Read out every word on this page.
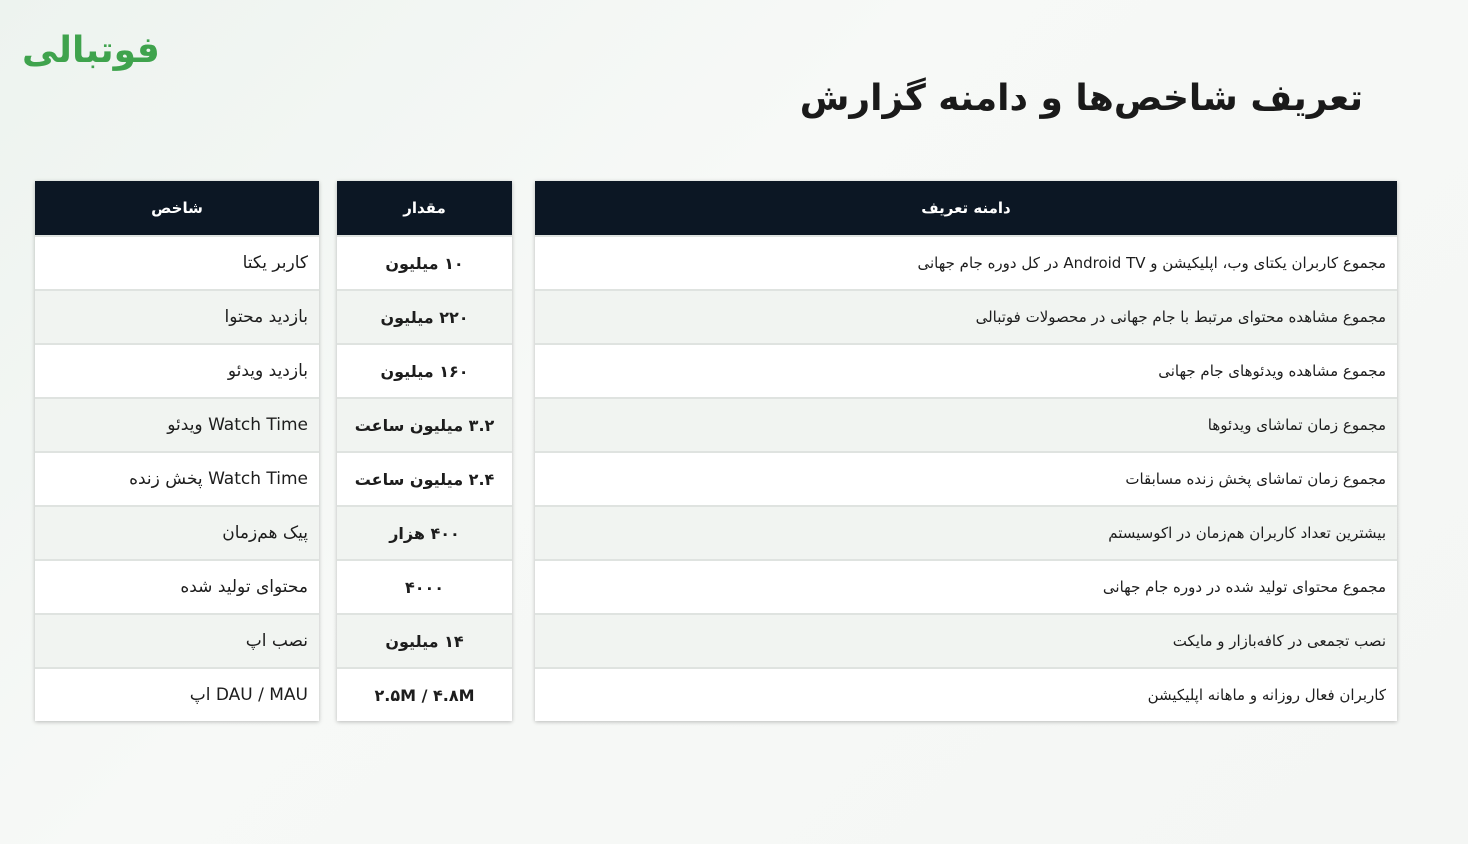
فوتبالی
تعریف شاخص‌ها و دامنه گزارش
دامنه تعریف
مجموع کاربران یکتای وب، اپلیکیشن و Android TV در کل دوره جام جهانی
مجموع مشاهده محتوای مرتبط با جام جهانی در محصولات فوتبالی
مجموع مشاهده ویدئوهای جام جهانی
مجموع زمان تماشای ویدئوها
مجموع زمان تماشای پخش زنده مسابقات
بیشترین تعداد کاربران هم‌زمان در اکوسیستم
مجموع محتوای تولید شده در دوره جام جهانی
نصب تجمعی در کافه‌بازار و مایکت
کاربران فعال روزانه و ماهانه اپلیکیشن
مقدار
۱۰ میلیون
۲۲۰ میلیون
۱۶۰ میلیون
۳.۲ میلیون ساعت
۲.۴ میلیون ساعت
۴۰۰ هزار
۴۰۰۰
۱۴ میلیون
۲.۵M / ۴.۸M
شاخص
کاربر یکتا
بازدید محتوا
بازدید ویدئو
Watch Time ویدئو
Watch Time پخش زنده
پیک هم‌زمان
محتوای تولید شده
نصب اپ
DAU / MAU اپ
